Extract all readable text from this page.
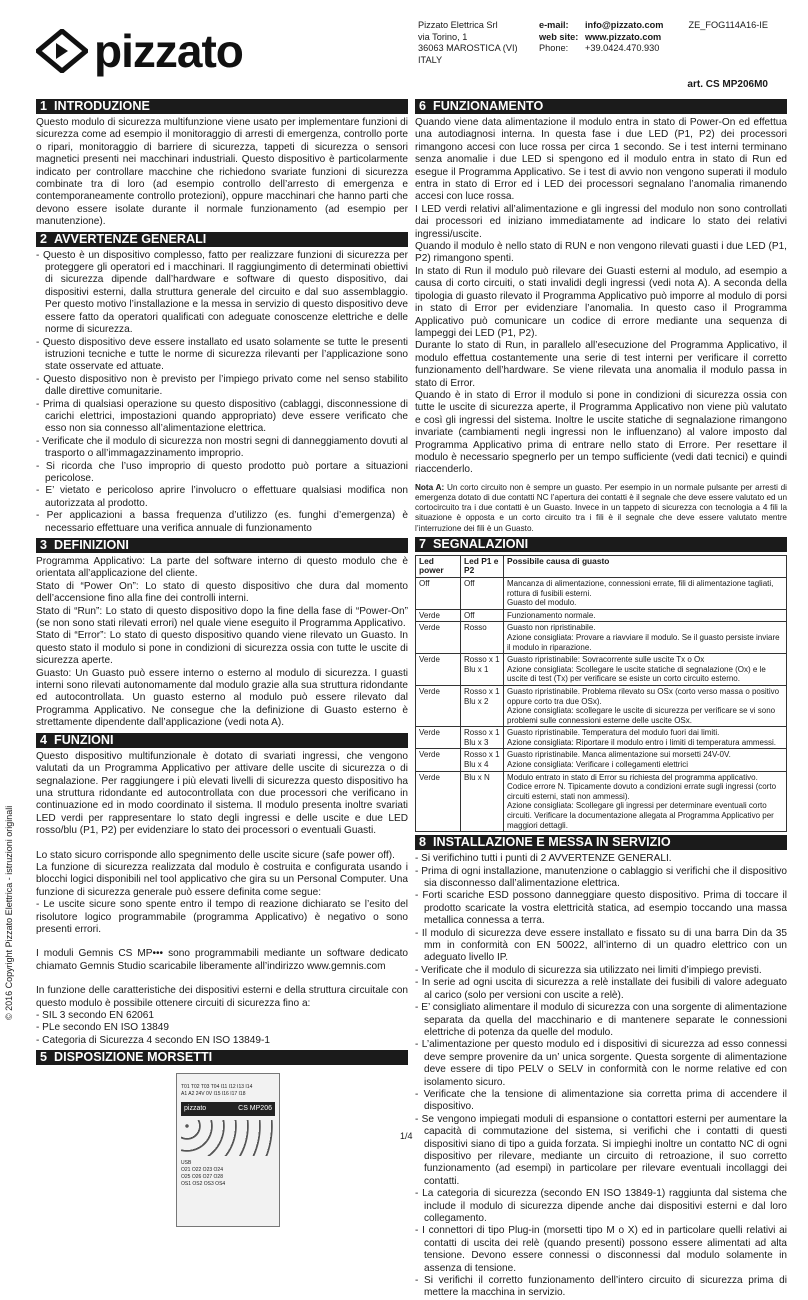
pizzato	Pizzato Elettrica Srl
via Torino, 1
36063 MAROSTICA (VI)
ITALY
e-mail: info@pizzato.com
web site: www.pizzato.com
Phone: +39.0424.470.930
ZE_FOG114A16-IE
art. CS MP206M0
1 INTRODUZIONE

Questo modulo di sicurezza multifunzione viene usato per implementare funzioni di sicurezza come ad esempio il monitoraggio di arresti di emergenza, controllo porte o ripari, monitoraggio di barriere di sicurezza, tappeti di sicurezza o sensori magnetici presenti nei macchinari industriali. Questo dispositivo è particolarmente indicato per controllare macchine che richiedono svariate funzioni di sicurezza combinate tra di loro (ad esempio controllo dell’arresto di emergenza e contemporaneamente controllo protezioni), oppure macchinari che hanno parti che devono essere isolate durante il normale funzionamento (ad esempio per manutenzione).

2 AVVERTENZE GENERALI

- Questo è un dispositivo complesso, fatto per realizzare funzioni di sicurezza per proteggere gli operatori ed i macchinari. Il raggiungimento di determinati obiettivi di sicurezza dipende dall’hardware e software di questo dispositivo, dai dispositivi esterni, dalla struttura generale del circuito e dal suo assemblaggio. Per questo motivo l’installazione e la messa in servizio di questo dispositivo deve essere fatto da operatori qualificati con adeguate conoscenze elettriche e delle norme di sicurezza.

- Questo dispositivo deve essere installato ed usato solamente se tutte le presenti istruzioni tecniche e tutte le norme di sicurezza rilevanti per l’applicazione sono state osservate ed attuate.

- Questo dispositivo non è previsto per l’impiego privato come nel senso stabilito dalle direttive comunitarie.

- Prima di qualsiasi operazione su questo dispositivo (cablaggi, disconnessione di carichi elettrici, impostazioni quando appropriato) deve essere verificato che esso non sia connesso all’alimentazione elettrica.

- Verificate che il modulo di sicurezza non mostri segni di danneggiamento dovuti al trasporto o all’immagazzinamento improprio.

- Si ricorda che l’uso improprio di questo prodotto può portare a situazioni pericolose.

- E’ vietato e pericoloso aprire l’involucro o effettuare qualsiasi modifica non autorizzata al prodotto.

- Per applicazioni a bassa frequenza d’utilizzo (es. funghi d’emergenza) è necessario effettuare una verifica annuale di funzionamento

3 DEFINIZIONI

Programma Applicativo: La parte del software interno di questo modulo che è orientata all’applicazione del cliente.
Stato di “Power On”: Lo stato di questo dispositivo che dura dal momento dell’accensione fino alla fine dei controlli interni.
Stato di “Run”: Lo stato di questo dispositivo dopo la fine della fase di “Power-On” (se non sono stati rilevati errori) nel quale viene eseguito il Programma Applicativo.
Stato di “Error”: Lo stato di questo dispositivo quando viene rilevato un Guasto. In questo stato il modulo si pone in condizioni di sicurezza ossia con tutte le uscite di sicurezza aperte.
Guasto: Un Guasto può essere interno o esterno al modulo di sicurezza. I guasti interni sono rilevati autonomamente dal modulo grazie alla sua struttura ridondante ed autocontrollata. Un guasto esterno al modulo può essere rilevato dal Programma Applicativo. Ne consegue che la definizione di Guasto esterno è strettamente dipendente dall’applicazione (vedi nota A).

4 FUNZIONI

Questo dispositivo multifunzionale è dotato di svariati ingressi, che vengono valutati da un Programma Applicativo per attivare delle uscite di sicurezza o di segnalazione. Per raggiungere i più elevati livelli di sicurezza questo dispositivo ha una struttura ridondante ed autocontrollata con due processori che verificano in continuazione ed in modo coordinato il sistema. Il modulo presenta inoltre svariati LED verdi per rappresentare lo stato degli ingressi e delle uscite e due LED rosso/blu (P1, P2) per evidenziare lo stato dei processori o eventuali Guasti.

Lo stato sicuro corrisponde allo spegnimento delle uscite sicure (safe power off).
La funzione di sicurezza realizzata dal modulo è costruita e configurata usando i blocchi logici disponibili nel tool applicativo che gira su un Personal Computer. Una funzione di sicurezza generale può essere definita come segue:
- Le uscite sicure sono spente entro il tempo di reazione dichiarato se l’esito del risolutore logico programmabile (programma Applicativo) è negativo o sono presenti errori.

I moduli Gemnis CS MP••• sono programmabili mediante un software dedicato chiamato Gemnis Studio scaricabile liberamente all’indirizzo www.gemnis.com

In funzione delle caratteristiche dei dispositivi esterni e della struttura circuitale con questo modulo è possibile ottenere circuiti di sicurezza fino a:
- SIL 3 secondo EN 62061
- PLe secondo EN ISO 13849
- Categoria di Sicurezza 4 secondo EN ISO 13849-1

5 DISPOSIZIONE MORSETTI
T01 T02 T03 T04 I11 I12 I13 I14
A1 A2 24V 0V I15 I16 I17 I18
pizzato	CS MP206
USB
O21 O22 O23 O24
O25 O26 O27 O28
OS1 OS2 OS3 OS4
6 FUNZIONAMENTO

Quando viene data alimentazione il modulo entra in stato di Power-On ed effettua una autodiagnosi interna. In questa fase i due LED (P1, P2) dei processori rimangono accesi con luce rossa per circa 1 secondo. Se i test interni terminano senza anomalie i due LED si spengono ed il modulo entra in stato di Run ed esegue il Programma Applicativo. Se i test di avvio non vengono superati il modulo entra in stato di Error ed i LED dei processori segnalano l’anomalia rimanendo accesi con luce rossa.
I LED verdi relativi all’alimentazione e gli ingressi del modulo non sono controllati dai processori ed iniziano immediatamente ad indicare lo stato dei relativi ingressi/uscite.
Quando il modulo è nello stato di RUN e non vengono rilevati guasti i due LED (P1, P2) rimangono spenti.
In stato di Run il modulo può rilevare dei Guasti esterni al modulo, ad esempio a causa di corto circuiti, o stati invalidi degli ingressi (vedi nota A). A seconda della tipologia di guasto rilevato il Programma Applicativo può imporre al modulo di porsi in stato di Error per evidenziare l’anomalia. In questo caso il Programma Applicativo può comunicare un codice di errore mediante una sequenza di lampeggi dei LED (P1, P2).
Durante lo stato di Run, in parallelo all’esecuzione del Programma Applicativo, il modulo effettua costantemente una serie di test interni per verificare il corretto funzionamento dell’hardware. Se viene rilevata una anomalia il modulo passa in stato di Error.
Quando è in stato di Error il modulo si pone in condizioni di sicurezza ossia con tutte le uscite di sicurezza aperte, il Programma Applicativo non viene più valutato e così gli ingressi del sistema. Inoltre le uscite statiche di segnalazione rimangono invariate (cambiamenti negli ingressi non le influenzano) al valore imposto dal Programma Applicativo prima di entrare nello stato di Errore. Per resettare il modulo è necessario spegnerlo per un tempo sufficiente (vedi dati tecnici) e quindi riaccenderlo.

Nota A: Un corto circuito non è sempre un guasto. Per esempio in un normale pulsante per arresti di emergenza dotato di due contatti NC l’apertura dei contatti è il segnale che deve essere valutato ed un cortocircuito tra i due contatti è un Guasto. Invece in un tappeto di sicurezza con tecnologia a 4 fili la situazione è opposta e un corto circuito tra i fili è il segnale che deve essere valutato mentre l’interruzione dei fili è un Guasto.

7 SEGNALAZIONI
Led power	Led P1 e P2	Possibile causa di guasto
Off	Off	Mancanza di alimentazione, connessioni errate, fili di alimentazione tagliati, rottura di fusibili esterni.
Guasto del modulo.
Verde	Off	Funzionamento normale.
Verde	Rosso	Guasto non ripristinabile.
Azione consigliata: Provare a riavviare il modulo. Se il guasto persiste inviare il modulo in riparazione.
Verde	Rosso x 1
Blu x 1	Guasto ripristinabile: Sovracorrente sulle uscite Tx o Ox
Azione consigliata: Scollegare le uscite statiche di segnalazione (Ox) e le uscite di test (Tx) per verificare se esiste un corto circuito esterno.
Verde	Rosso x 1
Blu x 2	Guasto ripristinabile. Problema rilevato su OSx (corto verso massa o positivo oppure corto tra due OSx).
Azione consigliata: scollegare le uscite di sicurezza per verificare se vi sono problemi sulle connessioni esterne delle uscite OSx.
Verde	Rosso x 1
Blu x 3	Guasto ripristinabile. Temperatura del modulo fuori dai limiti.
Azione consigliata: Riportare il modulo entro i limiti di temperatura ammessi.
Verde	Rosso x 1
Blu x 4	Guasto ripristinabile. Manca alimentazione sui morsetti 24V-0V.
Azione consigliata: Verificare i collegamenti elettrici
Verde	Blu x N	Modulo entrato in stato di Error su richiesta del programma applicativo.
Codice errore N. Tipicamente dovuto a condizioni errate sugli ingressi (corto circuiti esterni, stati non ammessi).
Azione consigliata: Scollegare gli ingressi per determinare eventuali corto circuiti. Verificare la documentazione allegata al Programma Applicativo per maggiori dettagli.
8 INSTALLAZIONE E MESSA IN SERVIZIO

- Si verifichino tutti i punti di 2 AVVERTENZE GENERALI.

- Prima di ogni installazione, manutenzione o cablaggio si verifichi che il dispositivo sia disconnesso dall’alimentazione elettrica.

- Forti scariche ESD possono danneggiare questo dispositivo. Prima di toccare il prodotto scaricate la vostra elettricità statica, ad esempio toccando una massa metallica connessa a terra.

- Il modulo di sicurezza deve essere installato e fissato su di una barra Din da 35 mm in conformità con EN 50022, all’interno di un quadro elettrico con un adeguato livello IP.

- Verificate che il modulo di sicurezza sia utilizzato nei limiti d’impiego previsti.

- In serie ad ogni uscita di sicurezza a relè installate dei fusibili di valore adeguato al carico (solo per versioni con uscite a relè).

- E’ consigliato alimentare il modulo di sicurezza con una sorgente di alimentazione separata da quella del macchinario e di mantenere separate le connessioni elettriche di potenza da quelle del modulo.

- L’alimentazione per questo modulo ed i dispositivi di sicurezza ad esso connessi deve sempre provenire da un’ unica sorgente. Questa sorgente di alimentazione deve essere di tipo PELV o SELV in conformità con le norme relative ed con isolamento sicuro.

- Verificate che la tensione di alimentazione sia corretta prima di accendere il dispositivo.

- Se vengono impiegati moduli di espansione o contattori esterni per aumentare la capacità di commutazione del sistema, si verifichi che i contatti di questi dispositivi siano di tipo a guida forzata. Si impieghi inoltre un contatto NC di ogni dispositivo per rilevare, mediante un circuito di retroazione, il suo corretto funzionamento (ad esempi) in particolare per rilevare eventuali incollaggi dei contatti.

- La categoria di sicurezza (secondo EN ISO 13849-1) raggiunta dal sistema che include il modulo di sicurezza dipende anche dai dispositivi esterni e dal loro collegamento.

- I connettori di tipo Plug-in (morsetti tipo M o X) ed in particolare quelli relativi ai contatti di uscita dei relè (quando presenti) possono essere alimentati ad alta tensione. Devono essere connessi o disconnessi dal modulo solamente in assenza di tensione.

- Si verifichi il corretto funzionamento dell’intero circuito di sicurezza prima di mettere la macchina in servizio.

© 2016 Copyright Pizzato Elettrica - istruzioni originali
1/4
